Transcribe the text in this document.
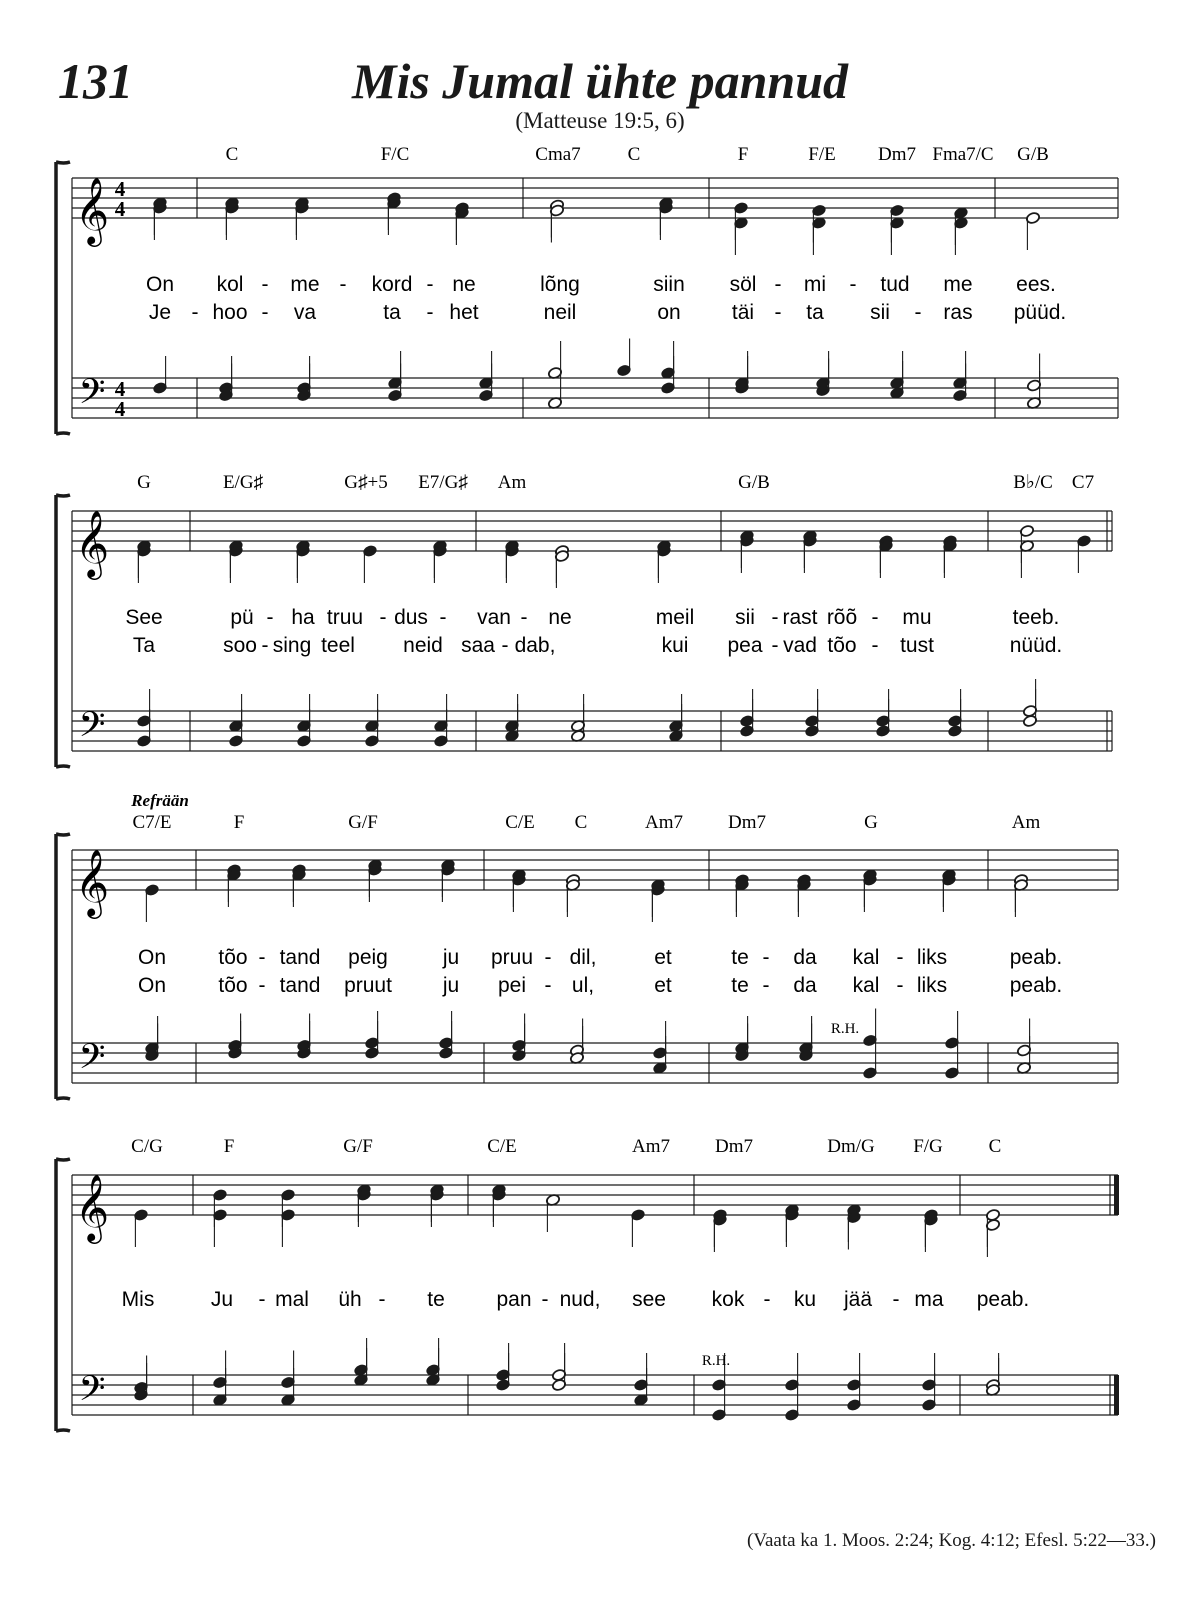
131	Mis Jumal ühte pannud
(Matteuse 19:5, 6)
𝄞
𝄢
4
4
4
4
C	F/C	Cma7 C	F	F/E Dm7 Fma7/C G/B
On kol - me - kord - ne	lõng	siin söl - mi - tud me ees.
Je - hoo - va	ta - het	neil	on täi - ta sii - ras püüd.
𝄞
𝄢
G	E/G♯	G♯+5 E7/G♯ Am	G/B	B♭/C C7
See	pü - ha truu - dus - van - ne	meil sii - rast rõõ - mu	teeb.
Ta	soo - sing teel neid saa - dab,	kui pea - vad tõo - tust	nüüd.
𝄞
𝄢
C7/E	F	G/F	C/E C	Am7 Dm7	G	Am
Refrään
R.H.
On tõo - tand peig	ju pruu - dil,	et	te - da kal - liks	peab.
On tõo - tand pruut ju pei - ul,	et	te - da kal - liks	peab.
𝄞
𝄢
C/G	F	G/F	C/E	Am7 Dm7	Dm/G F/G C
R.H.
Mis	Ju - mal üh - te pan - nud, see kok - ku jää - ma peab.
(Vaata ka 1. Moos. 2:24; Kog. 4:12; Efesl. 5:22—33.)
